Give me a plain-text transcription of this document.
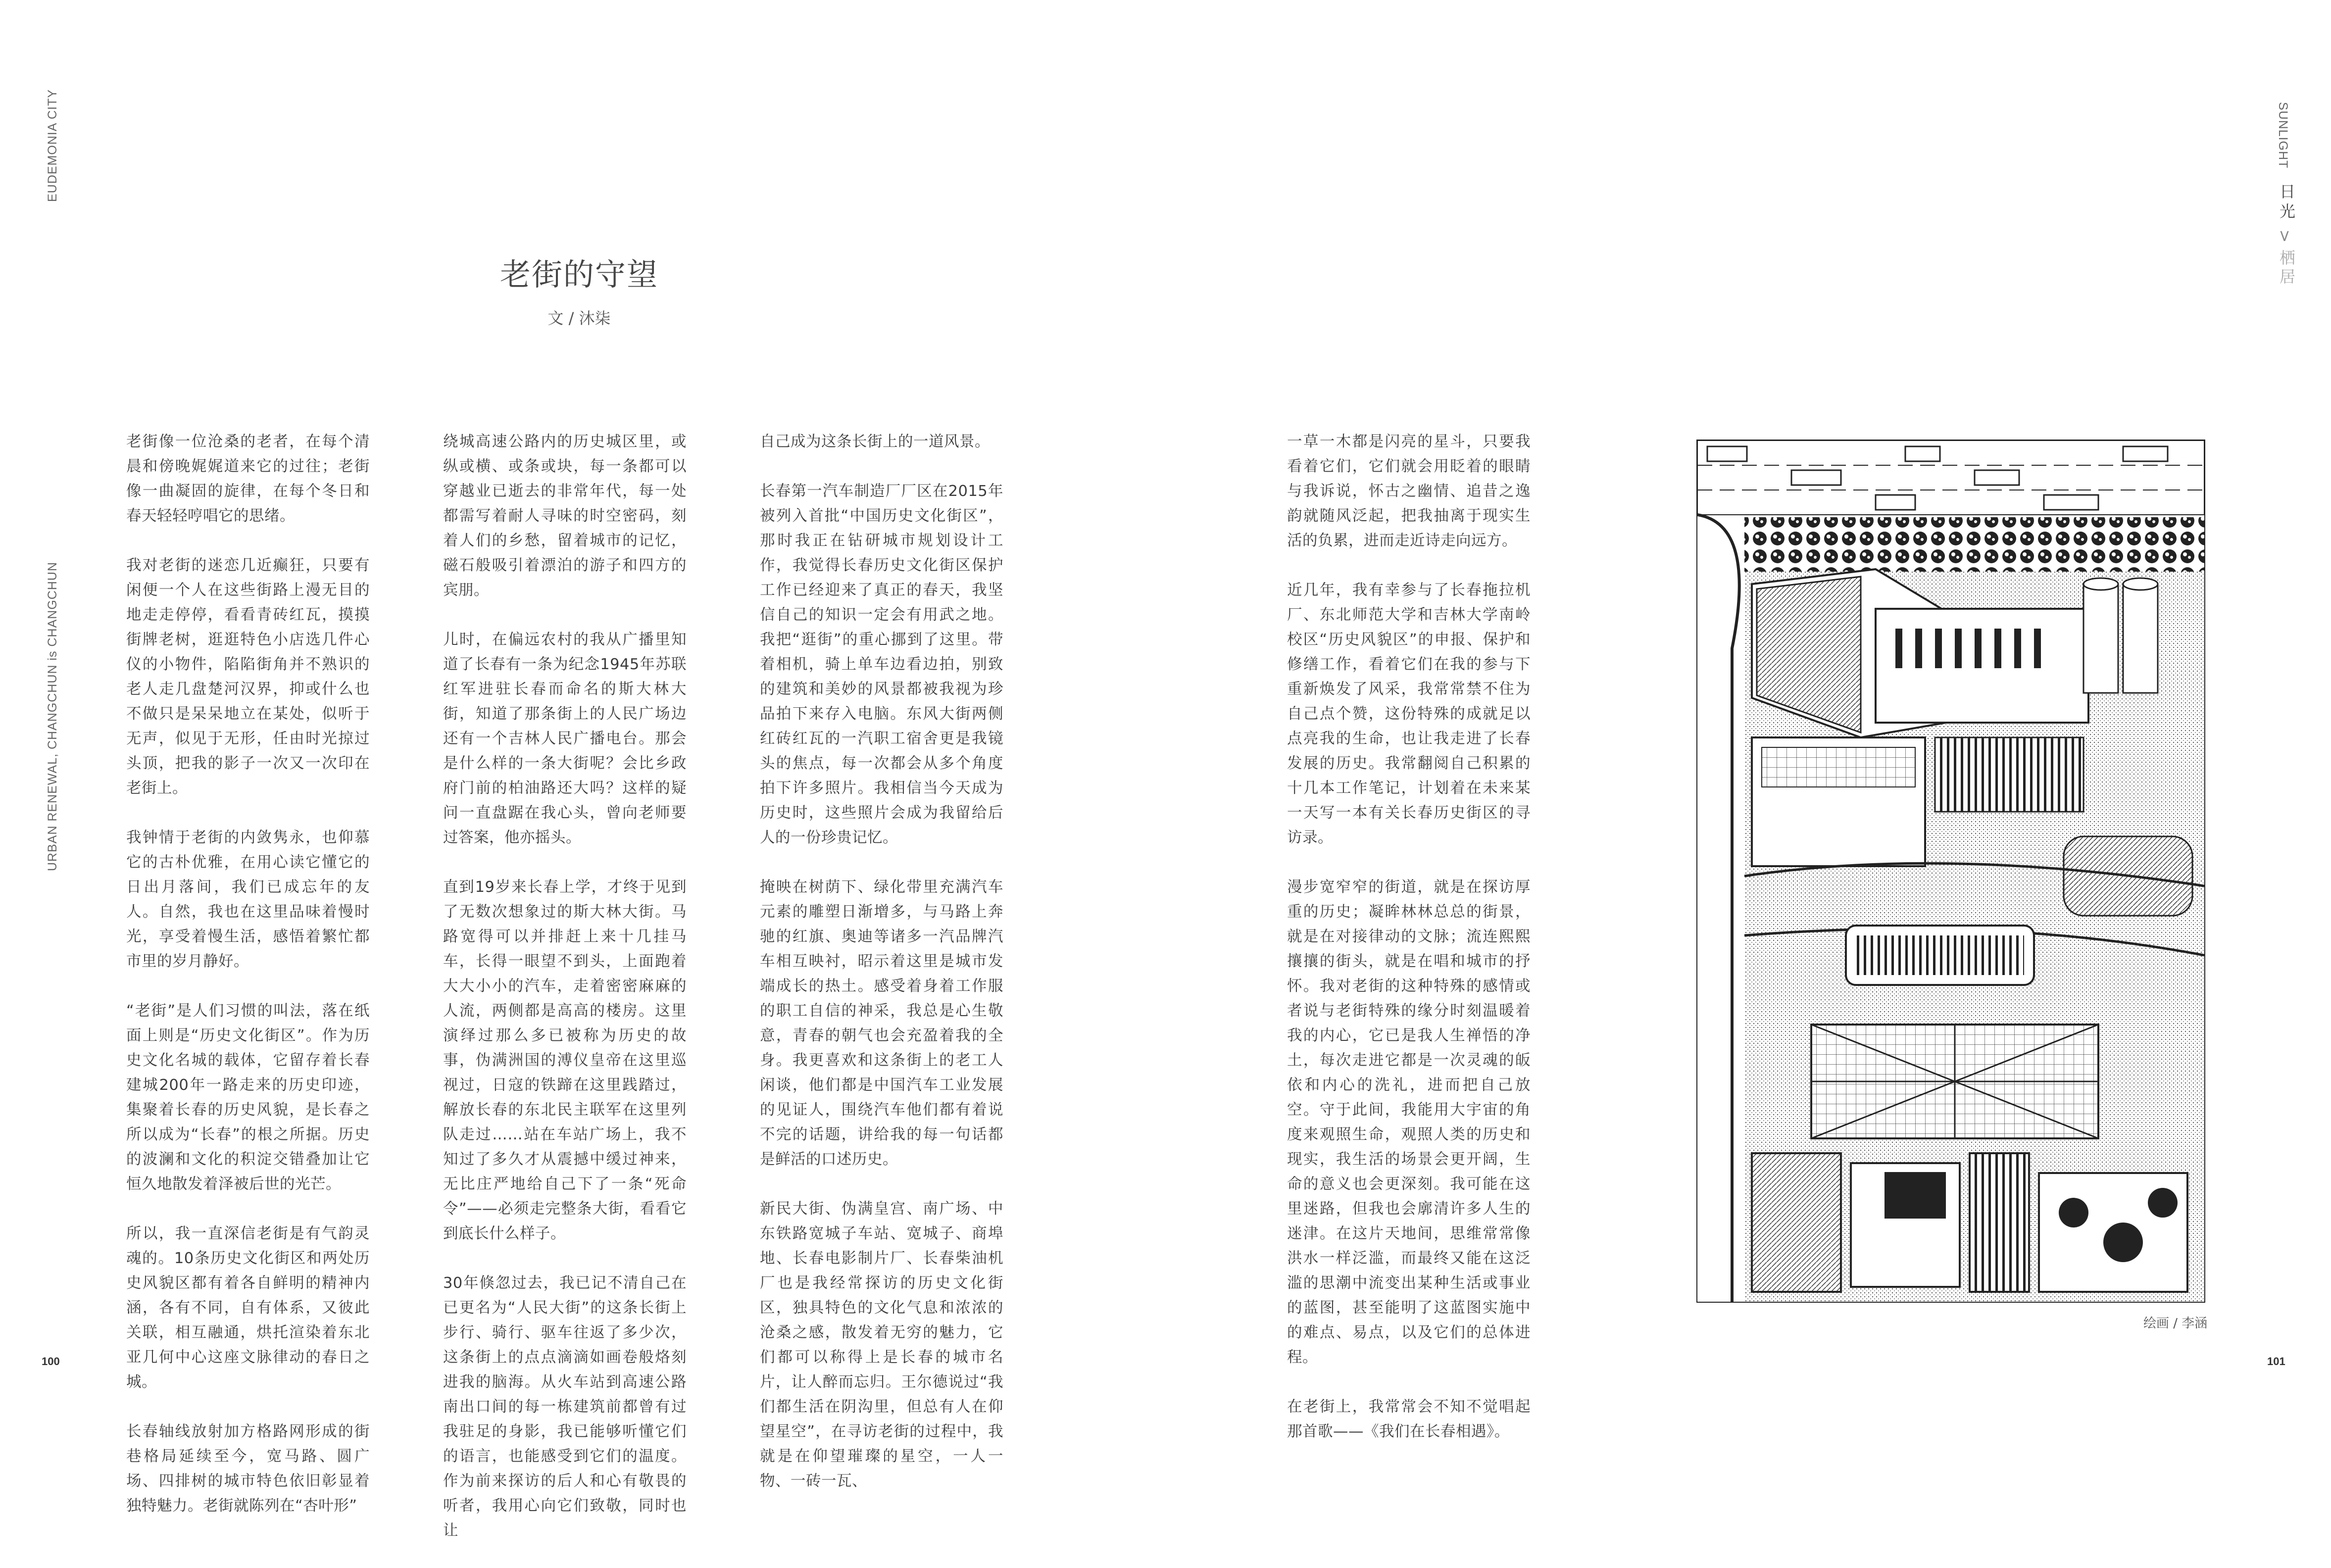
EUDEMONIA CITY
URBAN RENEWAL, CHANGCHUN is CHANGCHUN
SUNLIGHT
日光
>
栖居
老街的守望
文 / 沐柒

老街像一位沧桑的老者，在每个清晨和傍晚娓娓道来它的过往；老街像一曲凝固的旋律，在每个冬日和春天轻轻哼唱它的思绪。

我对老街的迷恋几近癫狂，只要有闲便一个人在这些街路上漫无目的地走走停停，看看青砖红瓦，摸摸街牌老树，逛逛特色小店选几件心仪的小物件，陷陷街角并不熟识的老人走几盘楚河汉界，抑或什么也不做只是呆呆地立在某处，似听于无声，似见于无形，任由时光掠过头顶，把我的影子一次又一次印在老街上。

我钟情于老街的内敛隽永，也仰慕它的古朴优雅，在用心读它懂它的日出月落间，我们已成忘年的友人。自然，我也在这里品味着慢时光，享受着慢生活，感悟着繁忙都市里的岁月静好。

“老街”是人们习惯的叫法，落在纸面上则是“历史文化街区”。作为历史文化名城的载体，它留存着长春建城200年一路走来的历史印迹，集聚着长春的历史风貌，是长春之所以成为“长春”的根之所据。历史的波澜和文化的积淀交错叠加让它恒久地散发着泽被后世的光芒。

所以，我一直深信老街是有气韵灵魂的。10条历史文化街区和两处历史风貌区都有着各自鲜明的精神内涵，各有不同，自有体系，又彼此关联，相互融通，烘托渲染着东北亚几何中心这座文脉律动的春日之城。

长春轴线放射加方格路网形成的街巷格局延续至今，宽马路、圆广场、四排树的城市特色依旧彰显着独特魅力。老街就陈列在“杏叶形”

绕城高速公路内的历史城区里，或纵或横、或条或块，每一条都可以穿越业已逝去的非常年代，每一处都需写着耐人寻味的时空密码，刻着人们的乡愁，留着城市的记忆，磁石般吸引着漂泊的游子和四方的宾朋。

儿时，在偏远农村的我从广播里知道了长春有一条为纪念1945年苏联红军进驻长春而命名的斯大林大街，知道了那条街上的人民广场边还有一个吉林人民广播电台。那会是什么样的一条大街呢？会比乡政府门前的柏油路还大吗？这样的疑问一直盘踞在我心头，曾向老师要过答案，他亦摇头。

直到19岁来长春上学，才终于见到了无数次想象过的斯大林大街。马路宽得可以并排赶上来十几挂马车，长得一眼望不到头，上面跑着大大小小的汽车，走着密密麻麻的人流，两侧都是高高的楼房。这里演绎过那么多已被称为历史的故事，伪满洲国的溥仪皇帝在这里巡视过，日寇的铁蹄在这里践踏过，解放长春的东北民主联军在这里列队走过……站在车站广场上，我不知过了多久才从震撼中缓过神来，无比庄严地给自己下了一条“死命令”——必须走完整条大街，看看它到底长什么样子。

30年倏忽过去，我已记不清自己在已更名为“人民大街”的这条长街上步行、骑行、驱车往返了多少次，这条街上的点点滴滴如画卷般烙刻进我的脑海。从火车站到高速公路南出口间的每一栋建筑前都曾有过我驻足的身影，我已能够听懂它们的语言，也能感受到它们的温度。作为前来探访的后人和心有敬畏的听者，我用心向它们致敬，同时也让

自己成为这条长街上的一道风景。

长春第一汽车制造厂厂区在2015年被列入首批“中国历史文化街区”，那时我正在钻研城市规划设计工作，我觉得长春历史文化街区保护工作已经迎来了真正的春天，我坚信自己的知识一定会有用武之地。我把“逛街”的重心挪到了这里。带着相机，骑上单车边看边拍，别致的建筑和美妙的风景都被我视为珍品拍下来存入电脑。东风大街两侧红砖红瓦的一汽职工宿舍更是我镜头的焦点，每一次都会从多个角度拍下许多照片。我相信当今天成为历史时，这些照片会成为我留给后人的一份珍贵记忆。

掩映在树荫下、绿化带里充满汽车元素的雕塑日渐增多，与马路上奔驰的红旗、奥迪等诸多一汽品牌汽车相互映衬，昭示着这里是城市发端成长的热土。感受着身着工作服的职工自信的神采，我总是心生敬意，青春的朝气也会充盈着我的全身。我更喜欢和这条街上的老工人闲谈，他们都是中国汽车工业发展的见证人，围绕汽车他们都有着说不完的话题，讲给我的每一句话都是鲜活的口述历史。

新民大街、伪满皇宫、南广场、中东铁路宽城子车站、宽城子、商埠地、长春电影制片厂、长春柴油机厂也是我经常探访的历史文化街区，独具特色的文化气息和浓浓的沧桑之感，散发着无穷的魅力，它们都可以称得上是长春的城市名片，让人醉而忘归。王尔德说过“我们都生活在阴沟里，但总有人在仰望星空”，在寻访老街的过程中，我就是在仰望璀璨的星空，一人一物、一砖一瓦、

一草一木都是闪亮的星斗，只要我看着它们，它们就会用眨着的眼睛与我诉说，怀古之幽情、追昔之逸韵就随风泛起，把我抽离于现实生活的负累，进而走近诗走向远方。

近几年，我有幸参与了长春拖拉机厂、东北师范大学和吉林大学南岭校区“历史风貌区”的申报、保护和修缮工作，看着它们在我的参与下重新焕发了风采，我常常禁不住为自己点个赞，这份特殊的成就足以点亮我的生命，也让我走进了长春发展的历史。我常翻阅自己积累的十几本工作笔记，计划着在未来某一天写一本有关长春历史街区的寻访录。

漫步宽窄窄的街道，就是在探访厚重的历史；凝眸林林总总的街景，就是在对接律动的文脉；流连熙熙攘攘的街头，就是在唱和城市的抒怀。我对老街的这种特殊的感情或者说与老街特殊的缘分时刻温暖着我的内心，它已是我人生禅悟的净土，每次走进它都是一次灵魂的皈依和内心的洗礼，进而把自己放空。守于此间，我能用大宇宙的角度来观照生命，观照人类的历史和现实，我生活的场景会更开阔，生命的意义也会更深刻。我可能在这里迷路，但我也会廓清许多人生的迷津。在这片天地间，思维常常像洪水一样泛滥，而最终又能在这泛滥的思潮中流变出某种生活或事业的蓝图，甚至能明了这蓝图实施中的难点、易点，以及它们的总体进程。

在老街上，我常常会不知不觉唱起那首歌——《我们在长春相遇》。

绘画 / 李涵
100	101
